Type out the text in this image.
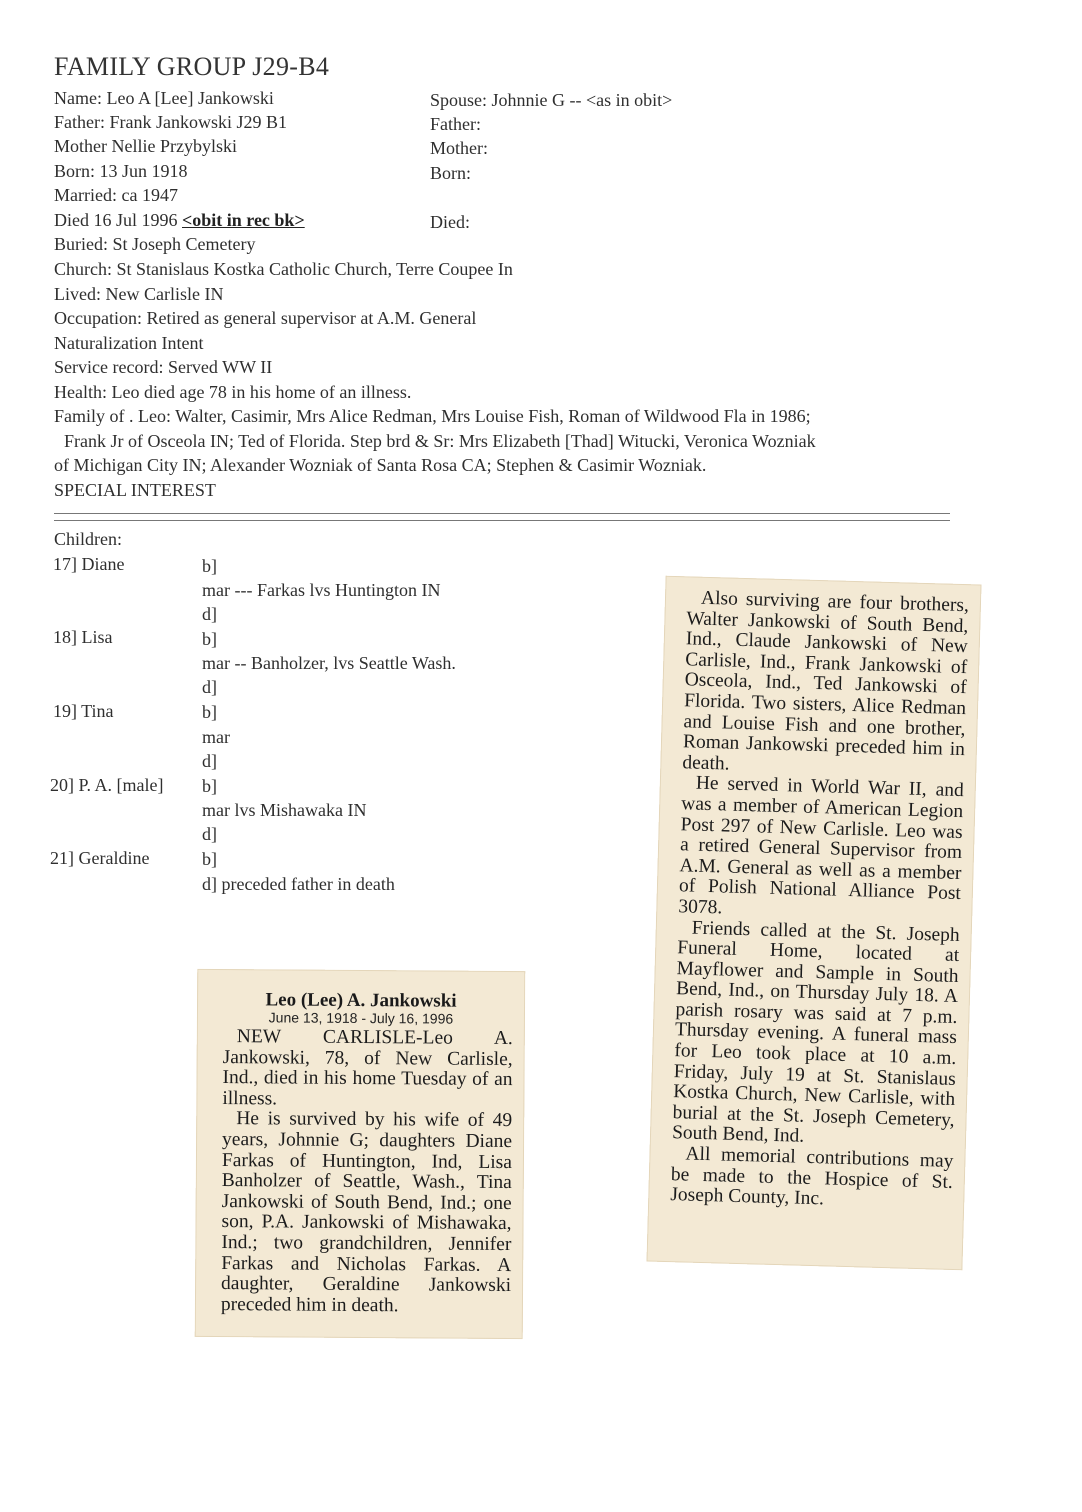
FAMILY GROUP J29-B4
Name: Leo A [Lee] Jankowski
Father: Frank Jankowski J29 B1
Mother Nellie Przybylski
Born: 13 Jun 1918
Married: ca 1947
Died 16 Jul 1996 <obit in rec bk>
Spouse: Johnnie G -- <as in obit>
Father:
Mother:
Born:
Died:
Buried: St Joseph Cemetery
Church: St Stanislaus Kostka Catholic Church, Terre Coupee In
Lived: New Carlisle IN
Occupation: Retired as general supervisor at A.M. General
Naturalization Intent
Service record: Served WW II
Health: Leo died age 78 in his home of an illness.
Family of . Leo: Walter, Casimir, Mrs Alice Redman, Mrs Louise Fish, Roman of Wildwood Fla in 1986;
Frank Jr of Osceola IN; Ted of Florida. Step brd & Sr: Mrs Elizabeth [Thad] Witucki, Veronica Wozniak
of Michigan City IN; Alexander Wozniak of Santa Rosa CA; Stephen & Casimir Wozniak.
SPECIAL INTEREST
Children:
17] Diane	b]
mar --- Farkas lvs Huntington IN
d]
18] Lisa	b]
mar -- Banholzer, lvs Seattle Wash.
d]
19] Tina	b]
mar
d]
20] P. A. [male] b]
mar lvs Mishawaka IN
d]
21] Geraldine	b]
d] preceded father in death
Leo (Lee) A. Jankowski
June 13, 1918 - July 16, 1996

NEW CARLISLE-Leo A. Jankowski, 78, of New Carlisle, Ind., died in his home Tuesday of an illness.

He is survived by his wife of 49 years, Johnnie G; daughters Diane Farkas of Huntington, Ind, Lisa Banholzer of Seattle, Wash., Tina Jankowski of South Bend, Ind.; one son, P.A. Jankowski of Mishawaka, Ind.; two grandchildren, Jennifer Farkas and Nicholas Farkas. A daughter, Geraldine Jankowski preceded him in death.

Also surviving are four brothers, Walter Jankowski of South Bend, Ind., Claude Jankowski of New Carlisle, Ind., Frank Jankowski of Osceola, Ind., Ted Jankowski of Florida. Two sisters, Alice Redman and Louise Fish and one brother, Roman Jankowski preceded him in death.

He served in World War II, and was a member of American Legion Post 297 of New Carlisle. Leo was a retired General Supervisor from A.M. General as well as a member of Polish National Alliance Post 3078.

Friends called at the St. Joseph Funeral Home, located at Mayflower and Sample in South Bend, Ind., on Thursday July 18. A parish rosary was said at 7 p.m. Thursday evening. A funeral mass for Leo took place at 10 a.m. Friday, July 19 at St. Stanislaus Kostka Church, New Carlisle, with burial at the St. Joseph Cemetery, South Bend, Ind.

All memorial contributions may be made to the Hospice of St. Joseph County, Inc.
